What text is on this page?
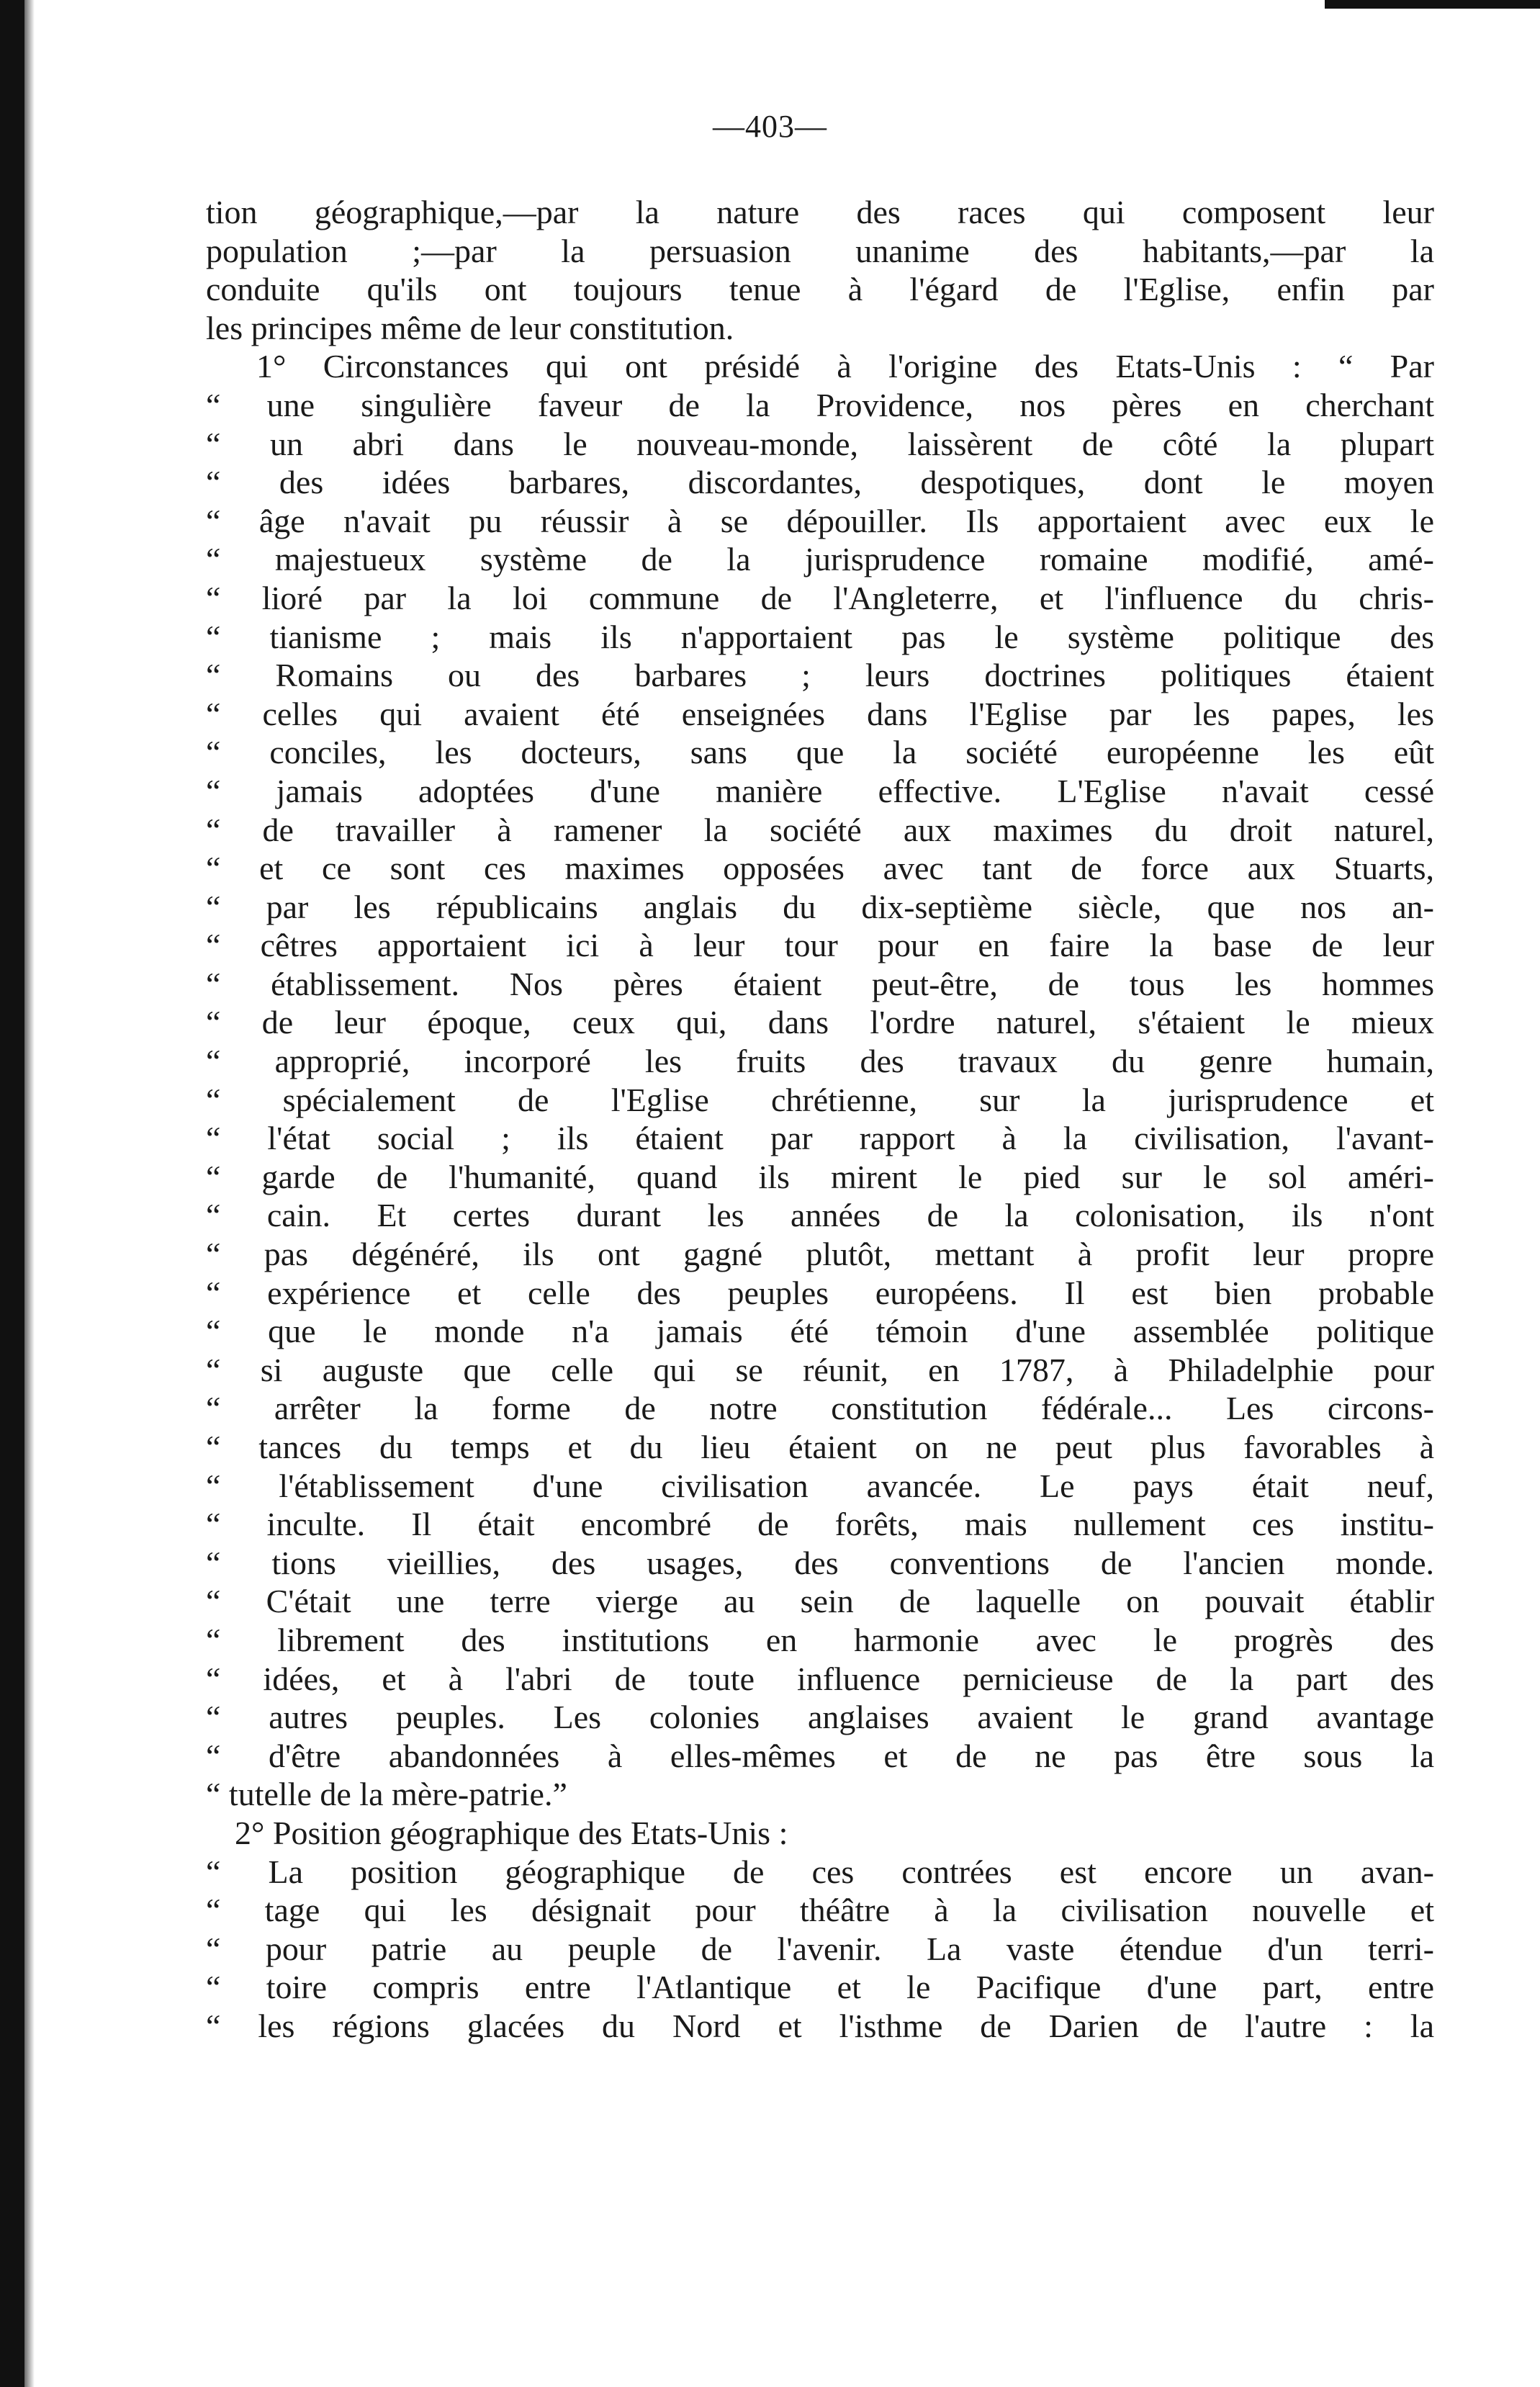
—403—
tion géographique,—par la nature des races qui composent leur
population ;—par la persuasion unanime des habitants,—par la
conduite qu'ils ont toujours tenue à l'égard de l'Eglise, enfin par
les principes même de leur constitution.
1° Circonstances qui ont présidé à l'origine des Etats-Unis : “ Par
“ une singulière faveur de la Providence, nos pères en cherchant
“ un abri dans le nouveau-monde, laissèrent de côté la plupart
“ des idées barbares, discordantes, despotiques, dont le moyen
“ âge n'avait pu réussir à se dépouiller. Ils apportaient avec eux le
“ majestueux système de la jurisprudence romaine modifié, amé-
“ lioré par la loi commune de l'Angleterre, et l'influence du chris-
“ tianisme ; mais ils n'apportaient pas le système politique des
“ Romains ou des barbares ; leurs doctrines politiques étaient
“ celles qui avaient été enseignées dans l'Eglise par les papes, les
“ conciles, les docteurs, sans que la société européenne les eût
“ jamais adoptées d'une manière effective. L'Eglise n'avait cessé
“ de travailler à ramener la société aux maximes du droit naturel,
“ et ce sont ces maximes opposées avec tant de force aux Stuarts,
“ par les républicains anglais du dix-septième siècle, que nos an-
“ cêtres apportaient ici à leur tour pour en faire la base de leur
“ établissement. Nos pères étaient peut-être, de tous les hommes
“ de leur époque, ceux qui, dans l'ordre naturel, s'étaient le mieux
“ approprié, incorporé les fruits des travaux du genre humain,
“ spécialement de l'Eglise chrétienne, sur la jurisprudence et
“ l'état social ; ils étaient par rapport à la civilisation, l'avant-
“ garde de l'humanité, quand ils mirent le pied sur le sol améri-
“ cain. Et certes durant les années de la colonisation, ils n'ont
“ pas dégénéré, ils ont gagné plutôt, mettant à profit leur propre
“ expérience et celle des peuples européens. Il est bien probable
“ que le monde n'a jamais été témoin d'une assemblée politique
“ si auguste que celle qui se réunit, en 1787, à Philadelphie pour
“ arrêter la forme de notre constitution fédérale... Les circons-
“ tances du temps et du lieu étaient on ne peut plus favorables à
“ l'établissement d'une civilisation avancée. Le pays était neuf,
“ inculte. Il était encombré de forêts, mais nullement ces institu-
“ tions vieillies, des usages, des conventions de l'ancien monde.
“ C'était une terre vierge au sein de laquelle on pouvait établir
“ librement des institutions en harmonie avec le progrès des
“ idées, et à l'abri de toute influence pernicieuse de la part des
“ autres peuples. Les colonies anglaises avaient le grand avantage
“ d'être abandonnées à elles-mêmes et de ne pas être sous la
“ tutelle de la mère-patrie.”
2° Position géographique des Etats-Unis :
“ La position géographique de ces contrées est encore un avan-
“ tage qui les désignait pour théâtre à la civilisation nouvelle et
“ pour patrie au peuple de l'avenir. La vaste étendue d'un terri-
“ toire compris entre l'Atlantique et le Pacifique d'une part, entre
“ les régions glacées du Nord et l'isthme de Darien de l'autre : la
